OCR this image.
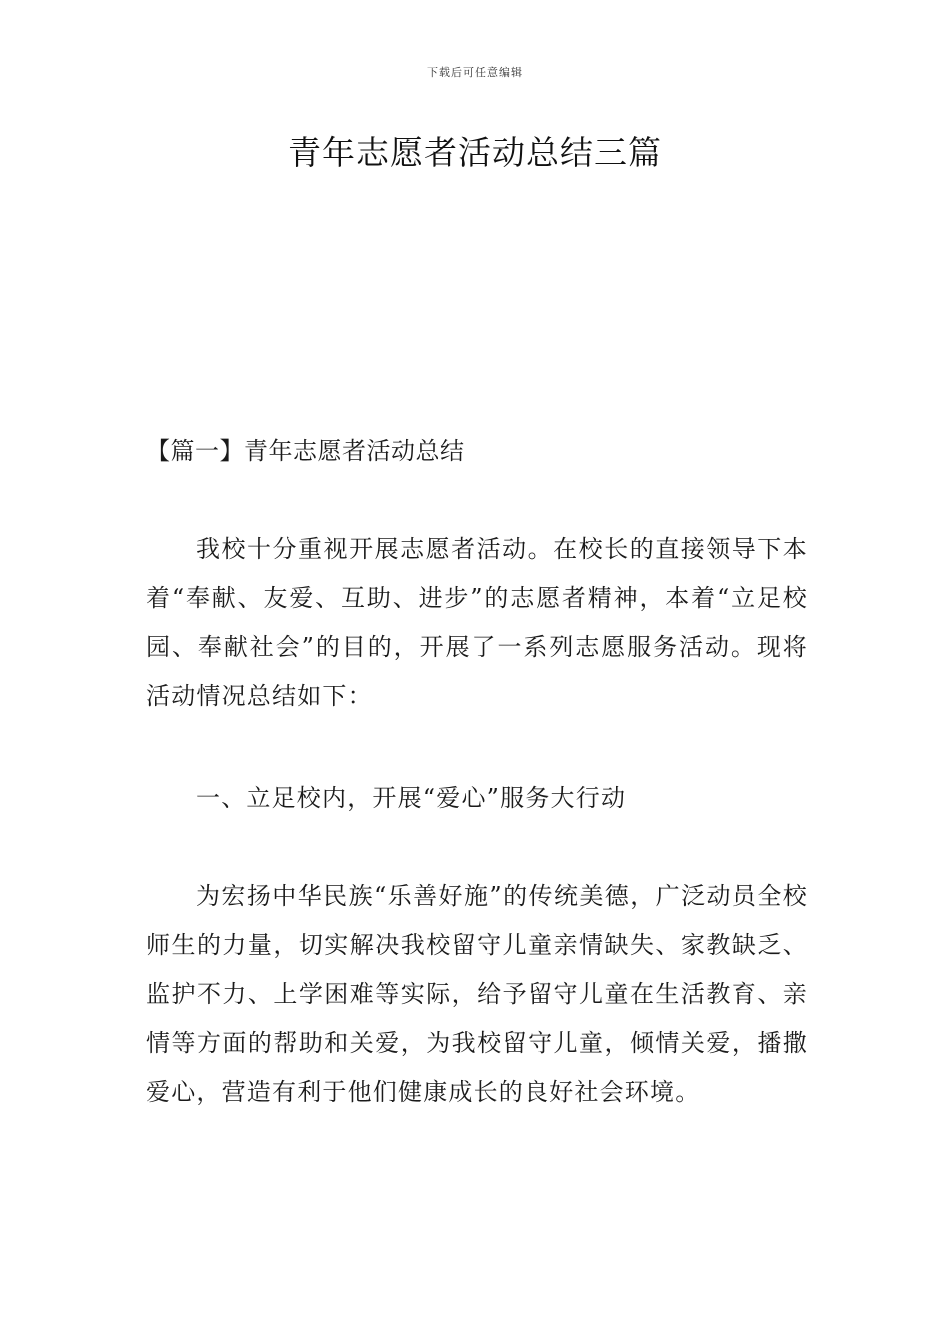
下载后可任意编辑
青年志愿者活动总结三篇

【篇一】青年志愿者活动总结

我校十分重视开展志愿者活动。在校长的直接领导下本着“奉献、友爱、互助、进步”的志愿者精神，本着“立足校园、奉献社会”的目的，开展了一系列志愿服务活动。现将活动情况总结如下：

一、立足校内，开展“爱心”服务大行动

为宏扬中华民族“乐善好施”的传统美德，广泛动员全校师生的力量，切实解决我校留守儿童亲情缺失、家教缺乏、监护不力、上学困难等实际，给予留守儿童在生活教育、亲情等方面的帮助和关爱，为我校留守儿童，倾情关爱，播撒爱心，营造有利于他们健康成长的良好社会环境。
